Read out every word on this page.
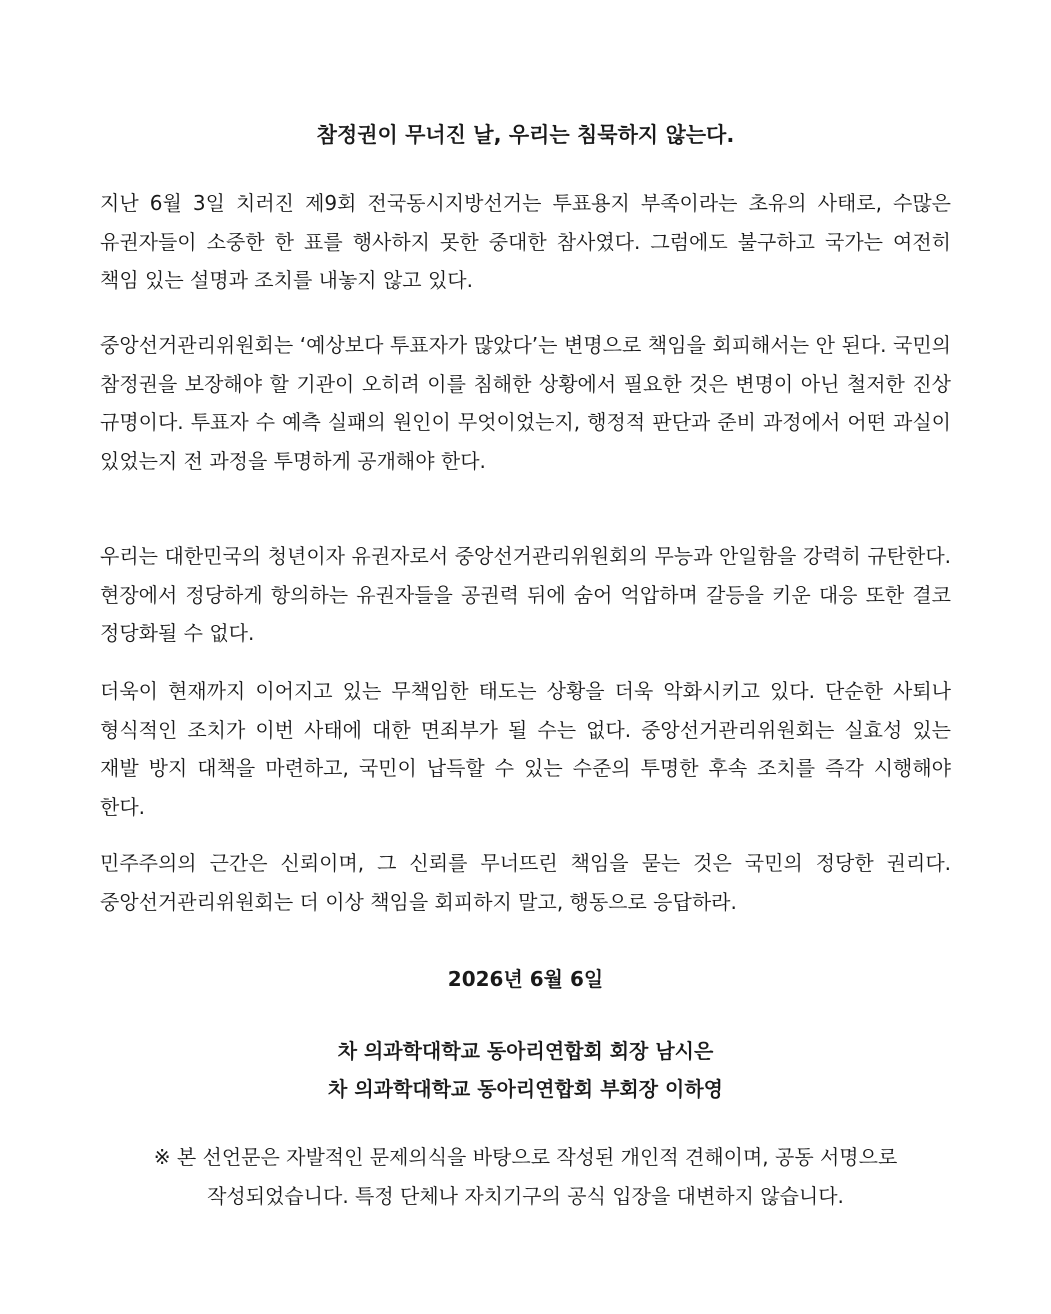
참정권이 무너진 날, 우리는 침묵하지 않는다.

지난 6월 3일 치러진 제9회 전국동시지방선거는 투표용지 부족이라는 초유의 사태로, 수많은 유권자들이 소중한 한 표를 행사하지 못한 중대한 참사였다. 그럼에도 불구하고 국가는 여전히 책임 있는 설명과 조치를 내놓지 않고 있다.

중앙선거관리위원회는 ‘예상보다 투표자가 많았다’는 변명으로 책임을 회피해서는 안 된다. 국민의 참정권을 보장해야 할 기관이 오히려 이를 침해한 상황에서 필요한 것은 변명이 아닌 철저한 진상 규명이다. 투표자 수 예측 실패의 원인이 무엇이었는지, 행정적 판단과 준비 과정에서 어떤 과실이 있었는지 전 과정을 투명하게 공개해야 한다.

우리는 대한민국의 청년이자 유권자로서 중앙선거관리위원회의 무능과 안일함을 강력히 규탄한다. 현장에서 정당하게 항의하는 유권자들을 공권력 뒤에 숨어 억압하며 갈등을 키운 대응 또한 결코 정당화될 수 없다.

더욱이 현재까지 이어지고 있는 무책임한 태도는 상황을 더욱 악화시키고 있다. 단순한 사퇴나 형식적인 조치가 이번 사태에 대한 면죄부가 될 수는 없다. 중앙선거관리위원회는 실효성 있는 재발 방지 대책을 마련하고, 국민이 납득할 수 있는 수준의 투명한 후속 조치를 즉각 시행해야 한다.

민주주의의 근간은 신뢰이며, 그 신뢰를 무너뜨린 책임을 묻는 것은 국민의 정당한 권리다. 중앙선거관리위원회는 더 이상 책임을 회피하지 말고, 행동으로 응답하라.

2026년 6월 6일
차 의과학대학교 동아리연합회 회장 남시은
차 의과학대학교 동아리연합회 부회장 이하영
※ 본 선언문은 자발적인 문제의식을 바탕으로 작성된 개인적 견해이며, 공동 서명으로 작성되었습니다. 특정 단체나 자치기구의 공식 입장을 대변하지 않습니다.
